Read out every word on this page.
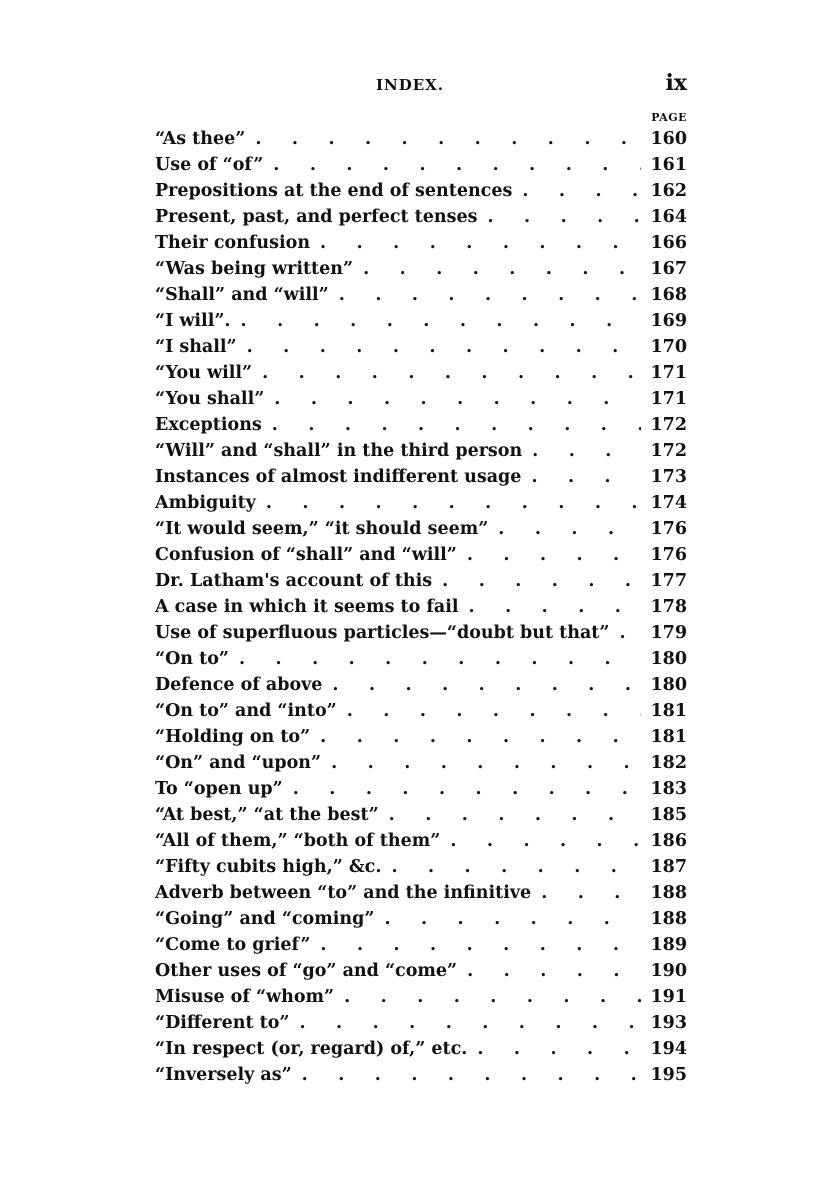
INDEX.	ix
PAGE
“As thee” .	160
Use of “of” .	161
Prepositions at the end of sentences .	162
Present, past, and perfect tenses .	164
Their confusion .	166
“Was being written” .	167
“Shall” and “will” .	168
“I will”. .	169
“I shall” .	170
“You will” .	171
“You shall” .	171
Exceptions .	172
“Will” and “shall” in the third person .	172
Instances of almost indifferent usage .	173
Ambiguity .	174
“It would seem,” “it should seem” .	176
Confusion of “shall” and “will” .	176
Dr. Latham's account of this .	177
A case in which it seems to fail .	178
Use of superfluous particles—“doubt but that” . 179
“On to” .	180
Defence of above .	180
“On to” and “into” .	181
“Holding on to” .	181
“On” and “upon” .	182
To “open up” .	183
“At best,” “at the best” .	185
“All of them,” “both of them” .	186
“Fifty cubits high,” &c. .	187
Adverb between “to” and the infinitive .	188
“Going” and “coming” .	188
“Come to grief” .	189
Other uses of “go” and “come” .	190
Misuse of “whom” .	191
“Different to” .	193
“In respect (or, regard) of,” etc. .	194
“Inversely as” .	195
